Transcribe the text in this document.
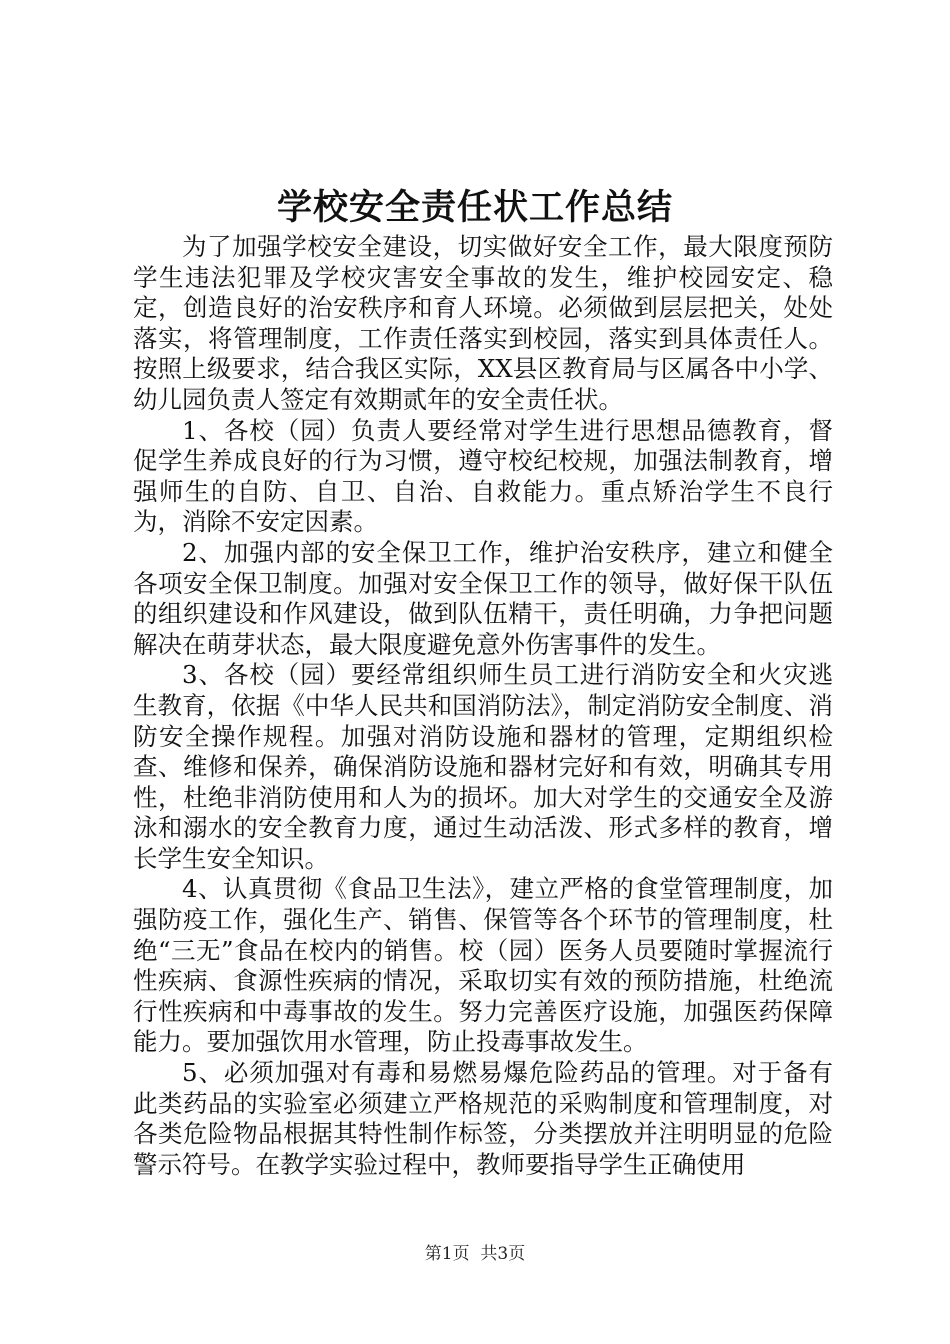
学校安全责任状工作总结

为了加强学校安全建设，切实做好安全工作，最大限度预防学生违法犯罪及学校灾害安全事故的发生，维护校园安定、稳定，创造良好的治安秩序和育人环境。必须做到层层把关，处处落实，将管理制度，工作责任落实到校园，落实到具体责任人。按照上级要求，结合我区实际，XX县区教育局与区属各中小学、幼儿园负责人签定有效期贰年的安全责任状。

1、各校（园）负责人要经常对学生进行思想品德教育，督促学生养成良好的行为习惯，遵守校纪校规，加强法制教育，增强师生的自防、自卫、自治、自救能力。重点矫治学生不良行为，消除不安定因素。

2、加强内部的安全保卫工作，维护治安秩序，建立和健全各项安全保卫制度。加强对安全保卫工作的领导，做好保干队伍的组织建设和作风建设，做到队伍精干，责任明确，力争把问题解决在萌芽状态，最大限度避免意外伤害事件的发生。

3、各校（园）要经常组织师生员工进行消防安全和火灾逃生教育，依据《中华人民共和国消防法》，制定消防安全制度、消防安全操作规程。加强对消防设施和器材的管理，定期组织检查、维修和保养，确保消防设施和器材完好和有效，明确其专用性，杜绝非消防使用和人为的损坏。加大对学生的交通安全及游泳和溺水的安全教育力度，通过生动活泼、形式多样的教育，增长学生安全知识。

4、认真贯彻《食品卫生法》，建立严格的食堂管理制度，加强防疫工作，强化生产、销售、保管等各个环节的管理制度，杜绝“三无”食品在校内的销售。校（园）医务人员要随时掌握流行性疾病、食源性疾病的情况，采取切实有效的预防措施，杜绝流行性疾病和中毒事故的发生。努力完善医疗设施，加强医药保障能力。要加强饮用水管理，防止投毒事故发生。

5、必须加强对有毒和易燃易爆危险药品的管理。对于备有此类药品的实验室必须建立严格规范的采购制度和管理制度，对各类危险物品根据其特性制作标签，分类摆放并注明明显的危险警示符号。在教学实验过程中，教师要指导学生正确使用

第1页 共3页
